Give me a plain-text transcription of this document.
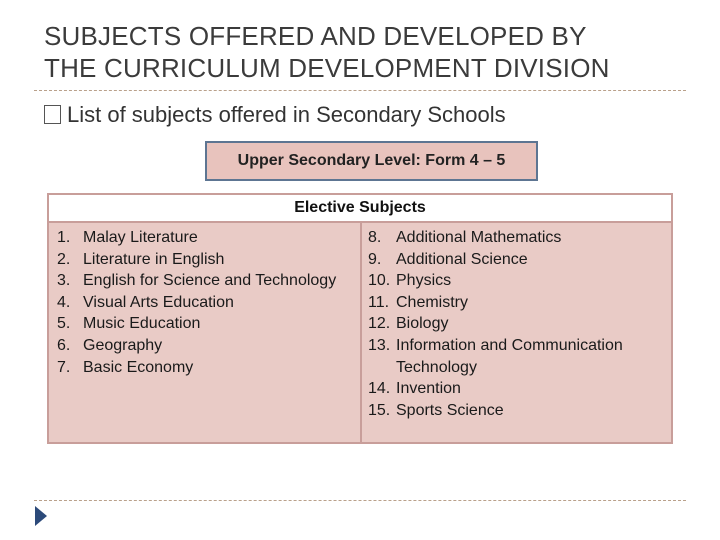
SUBJECTS OFFERED AND DEVELOPED BY
THE CURRICULUM DEVELOPMENT DIVISION
List of subjects offered in Secondary Schools
Upper Secondary Level: Form 4 – 5
Elective Subjects
1. Malay Literature
2. Literature in English
3. English for Science and Technology
4. Visual Arts Education
5. Music Education
6. Geography
7. Basic Economy
8. Additional Mathematics
9. Additional Science
10. Physics
11. Chemistry
12. Biology
13. Information and Communication Technology
14. Invention
15. Sports Science
